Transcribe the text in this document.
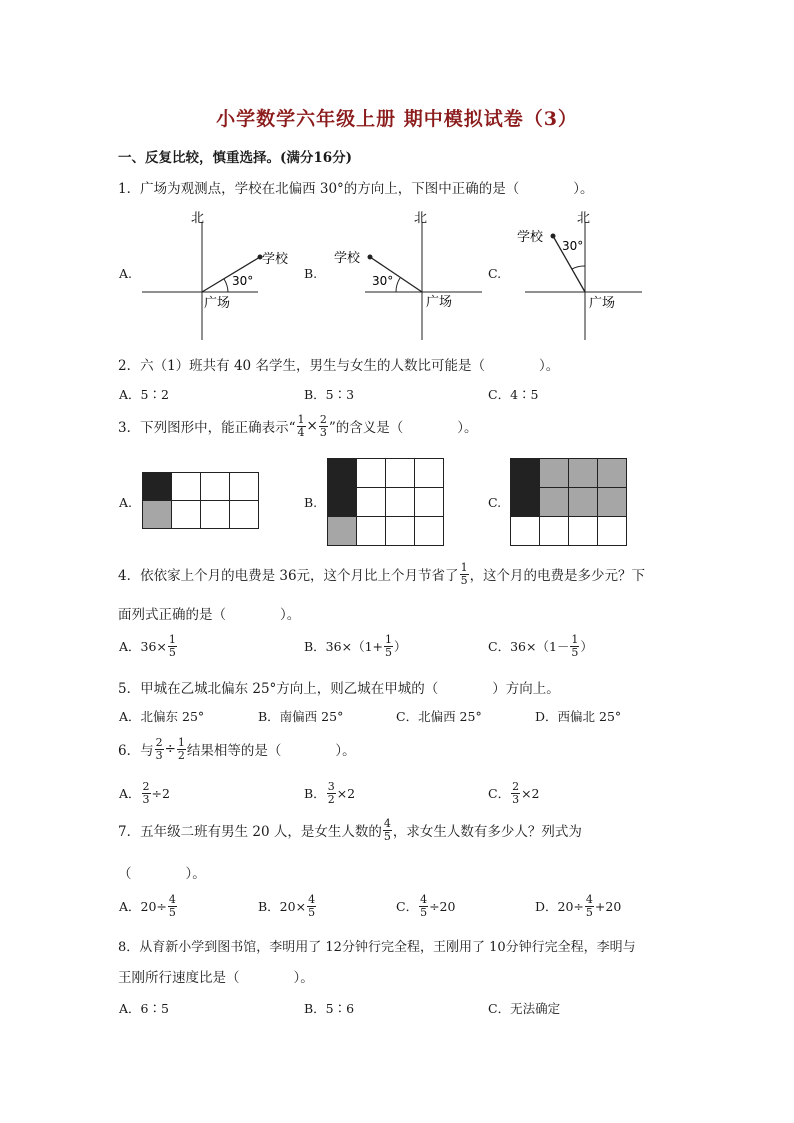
小学数学六年级上册 期中模拟试卷（3）
一、反复比较，慎重选择。(满分16分)
1．广场为观测点，学校在北偏西 30°的方向上，下图中正确的是（　　　　）。
A.
北
学校
30°
广场
B.
北
学校
30°
广场
C.
北
学校
30°
广场
2．六（1）班共有 40 名学生，男生与女生的人数比可能是（　　　　）。
A．5∶2	B．5∶3	C．4∶5
3．下列图形中，能正确表示“ $\frac{1}{4} \times \frac{2}{3}$ ”的含义是（　　　　）。
A.

				B.

				C.

4．依依家上个月的电费是 36元，这个月比上个月节省了 $\frac{1}{5}$ ，这个月的电费是多少元？下
面列式正确的是（　　　　）。
A．$36\times \frac{1}{5}$	B．$36\times(1+ \frac{1}{5}$ ）	C．$36\times(1- \frac{1}{5}$ ）
5．甲城在乙城北偏东 25°方向上，则乙城在甲城的（　　　　）方向上。
A．北偏东 25°	B．南偏西 25°	C．北偏西 25°	D．西偏北 25°
6．与 $\frac{2}{3} \div \frac{1}{2}$ 结果相等的是（　　　　）。
A． $\frac{2}{3} \div 2$	B． $\frac{3}{2} \times 2$	C． $\frac{2}{3} \times 2$
7．五年级二班有男生 20 人，是女生人数的 $\frac{4}{5}$ ，求女生人数有多少人？列式为
（　　　　）。
A．$20\div \frac{4}{5}$	B．$20\times \frac{4}{5}$	C． $\frac{4}{5} \div 20$	D．$20\div \frac{4}{5} +20$
8．从育新小学到图书馆，李明用了 12分钟行完全程，王刚用了 10分钟行完全程，李明与
王刚所行速度比是（　　　　）。
A．6∶5	B．5∶6	C．无法确定
